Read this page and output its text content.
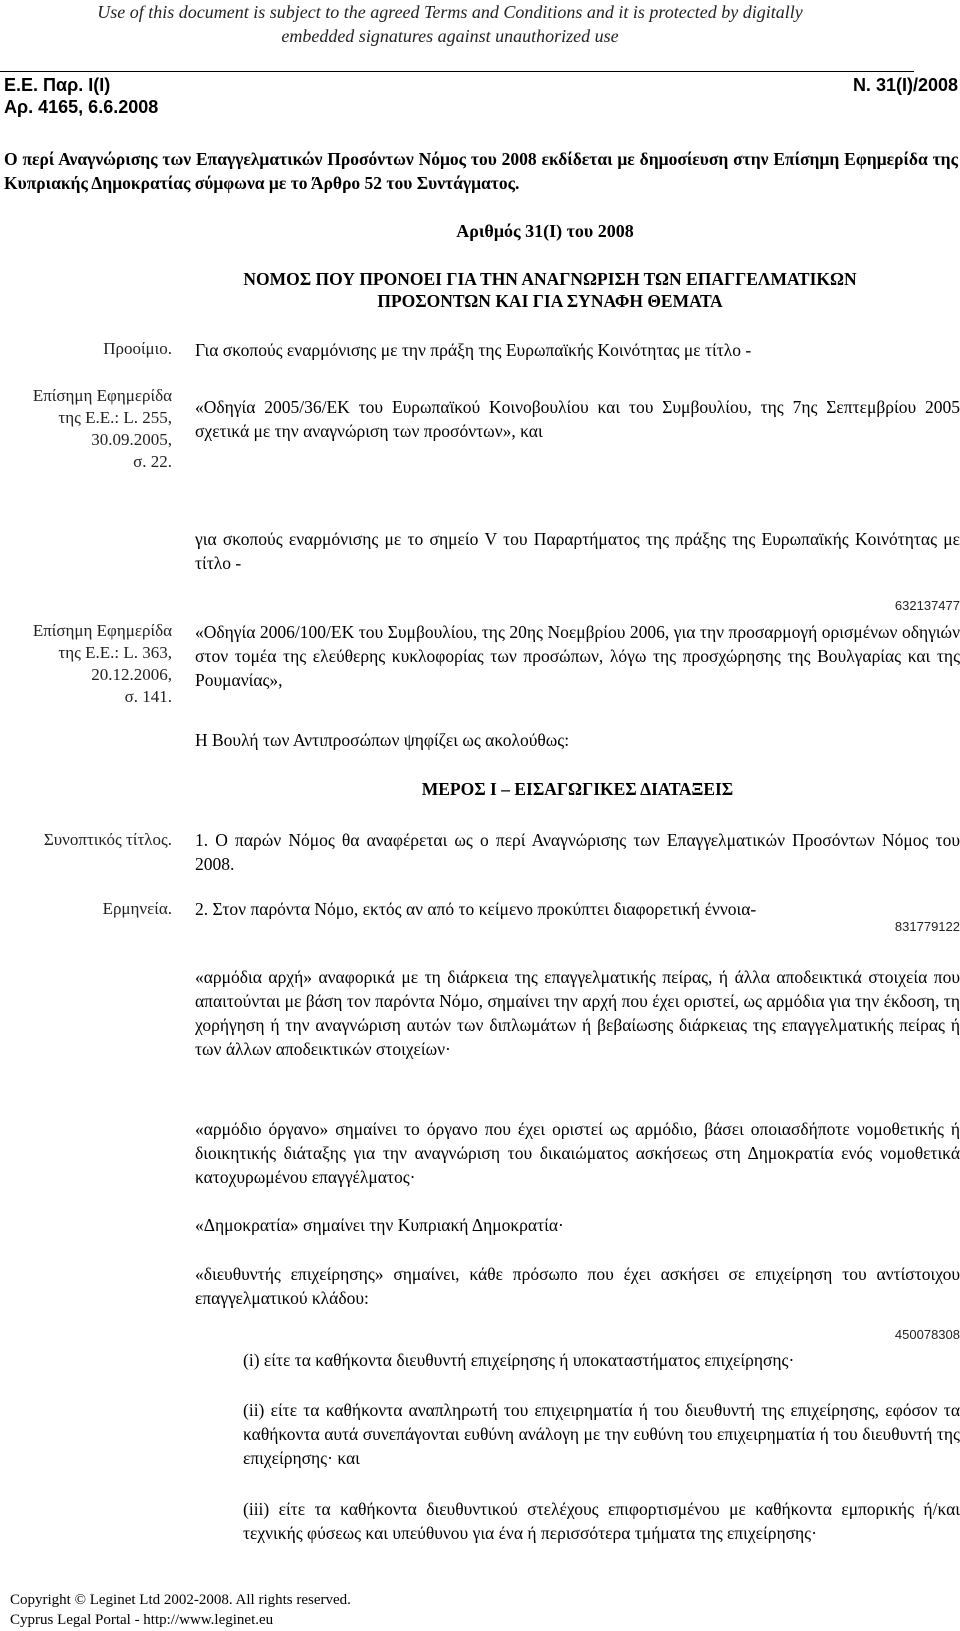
Use of this document is subject to the agreed Terms and Conditions and it is protected by digitally
embedded signatures against unauthorized use
Ε.Ε. Παρ. Ι(Ι)
Αρ. 4165, 6.6.2008
Ν. 31(Ι)/2008
Ο περί Αναγνώρισης των Επαγγελματικών Προσόντων Νόμος του 2008 εκδίδεται με δημοσίευση στην Επίσημη Εφημερίδα της Κυπριακής Δημοκρατίας σύμφωνα με το Άρθρο 52 του Συντάγματος.
Αριθμός 31(Ι) του 2008
ΝΟΜΟΣ ΠΟΥ ΠΡΟΝΟΕΙ ΓΙΑ ΤΗΝ ΑΝΑΓΝΩΡΙΣΗ ΤΩΝ ΕΠΑΓΓΕΛΜΑΤΙΚΩΝ
ΠΡΟΣΟΝΤΩΝ ΚΑΙ ΓΙΑ ΣΥΝΑΦΗ ΘΕΜΑΤΑ
Προοίμιο.
Επίσημη Εφημερίδα
της Ε.Ε.: L. 255,
30.09.2005,
σ. 22.
Επίσημη Εφημερίδα
της Ε.Ε.: L. 363,
20.12.2006,
σ. 141.
Συνοπτικός τίτλος.
Ερμηνεία.
Για σκοπούς εναρμόνισης με την πράξη της Ευρωπαϊκής Κοινότητας με τίτλο -
«Οδηγία 2005/36/ΕΚ του Ευρωπαϊκού Κοινοβουλίου και του Συμβουλίου, της 7ης Σεπτεμβρίου 2005 σχετικά με την αναγνώριση των προσόντων», και
για σκοπούς εναρμόνισης με το σημείο V του Παραρτήματος της πράξης της Ευρωπαϊκής Κοινότητας με τίτλο -
632137477
«Οδηγία 2006/100/ΕΚ του Συμβουλίου, της 20ης Νοεμβρίου 2006, για την προσαρμογή ορισμένων οδηγιών στον τομέα της ελεύθερης κυκλοφορίας των προσώπων, λόγω της προσχώρησης της Βουλγαρίας και της Ρουμανίας»,
Η Βουλή των Αντιπροσώπων ψηφίζει ως ακολούθως:
ΜΕΡΟΣ Ι – ΕΙΣΑΓΩΓΙΚΕΣ ΔΙΑΤΑΞΕΙΣ
1. Ο παρών Νόμος θα αναφέρεται ως ο περί Αναγνώρισης των Επαγγελματικών Προσόντων Νόμος του 2008.
2. Στον παρόντα Νόμο, εκτός αν από το κείμενο προκύπτει διαφορετική έννοια-
831779122
«αρμόδια αρχή» αναφορικά με τη διάρκεια της επαγγελματικής πείρας, ή άλλα αποδεικτικά στοιχεία που απαιτούνται με βάση τον παρόντα Νόμο, σημαίνει την αρχή που έχει οριστεί, ως αρμόδια για την έκδοση, τη χορήγηση ή την αναγνώριση αυτών των διπλωμάτων ή βεβαίωσης διάρκειας της επαγγελματικής πείρας ή των άλλων αποδεικτικών στοιχείων·
«αρμόδιο όργανο» σημαίνει το όργανο που έχει οριστεί ως αρμόδιο, βάσει οποιασδήποτε νομοθετικής ή διοικητικής διάταξης για την αναγνώριση του δικαιώματος ασκήσεως στη Δημοκρατία ενός νομοθετικά κατοχυρωμένου επαγγέλματος·
«Δημοκρατία» σημαίνει την Κυπριακή Δημοκρατία·
«διευθυντής επιχείρησης» σημαίνει, κάθε πρόσωπο που έχει ασκήσει σε επιχείρηση του αντίστοιχου επαγγελματικού κλάδου:
450078308
(i) είτε τα καθήκοντα διευθυντή επιχείρησης ή υποκαταστήματος επιχείρησης·
(ii) είτε τα καθήκοντα αναπληρωτή του επιχειρηματία ή του διευθυντή της επιχείρησης, εφόσον τα καθήκοντα αυτά συνεπάγονται ευθύνη ανάλογη με την ευθύνη του επιχειρηματία ή του διευθυντή της επιχείρησης· και
(iii) είτε τα καθήκοντα διευθυντικού στελέχους επιφορτισμένου με καθήκοντα εμπορικής ή/και τεχνικής φύσεως και υπεύθυνου για ένα ή περισσότερα τμήματα της επιχείρησης·
Copyright © Leginet Ltd 2002-2008. All rights reserved.
Cyprus Legal Portal - http://www.leginet.eu
